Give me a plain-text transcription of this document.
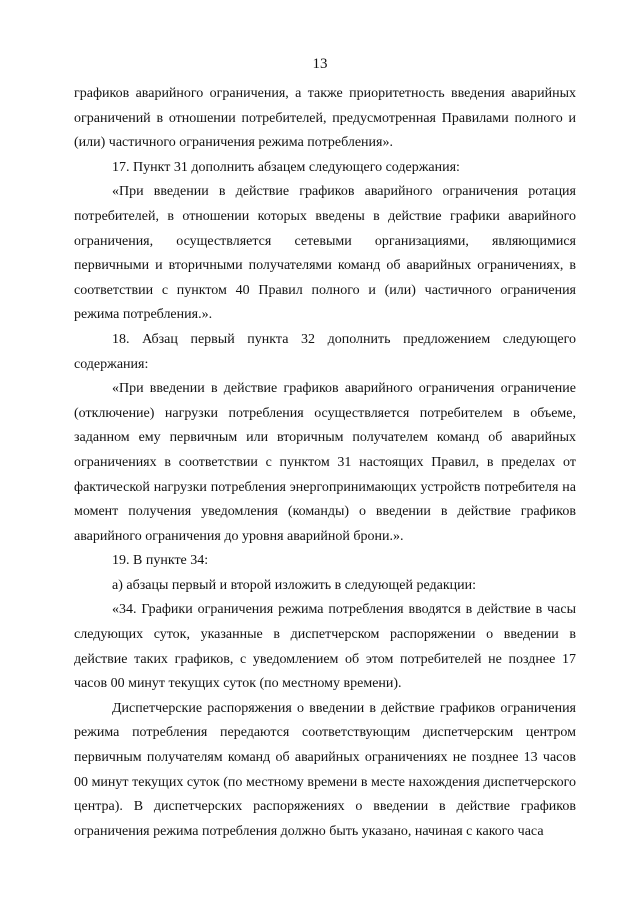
13

графиков аварийного ограничения, а также приоритетность введения аварийных ограничений в отношении потребителей, предусмотренная Правилами полного и (или) частичного ограничения режима потребления».

17. Пункт 31 дополнить абзацем следующего содержания:

«При введении в действие графиков аварийного ограничения ротация потребителей, в отношении которых введены в действие графики аварийного ограничения, осуществляется сетевыми организациями, являющимися первичными и вторичными получателями команд об аварийных ограничениях, в соответствии с пунктом 40 Правил полного и (или) частичного ограничения режима потребления.».

18. Абзац первый пункта 32 дополнить предложением следующего содержания:

«При введении в действие графиков аварийного ограничения ограничение (отключение) нагрузки потребления осуществляется потребителем в объеме, заданном ему первичным или вторичным получателем команд об аварийных ограничениях в соответствии с пунктом 31 настоящих Правил, в пределах от фактической нагрузки потребления энергопринимающих устройств потребителя на момент получения уведомления (команды) о введении в действие графиков аварийного ограничения до уровня аварийной брони.».

19. В пункте 34:

а) абзацы первый и второй изложить в следующей редакции:

«34. Графики ограничения режима потребления вводятся в действие в часы следующих суток, указанные в диспетчерском распоряжении о введении в действие таких графиков, с уведомлением об этом потребителей не позднее 17 часов 00 минут текущих суток (по местному времени).

Диспетчерские распоряжения о введении в действие графиков ограничения режима потребления передаются соответствующим диспетчерским центром первичным получателям команд об аварийных ограничениях не позднее 13 часов 00 минут текущих суток (по местному времени в месте нахождения диспетчерского центра). В диспетчерских распоряжениях о введении в действие графиков ограничения режима потребления должно быть указано, начиная с какого часа
